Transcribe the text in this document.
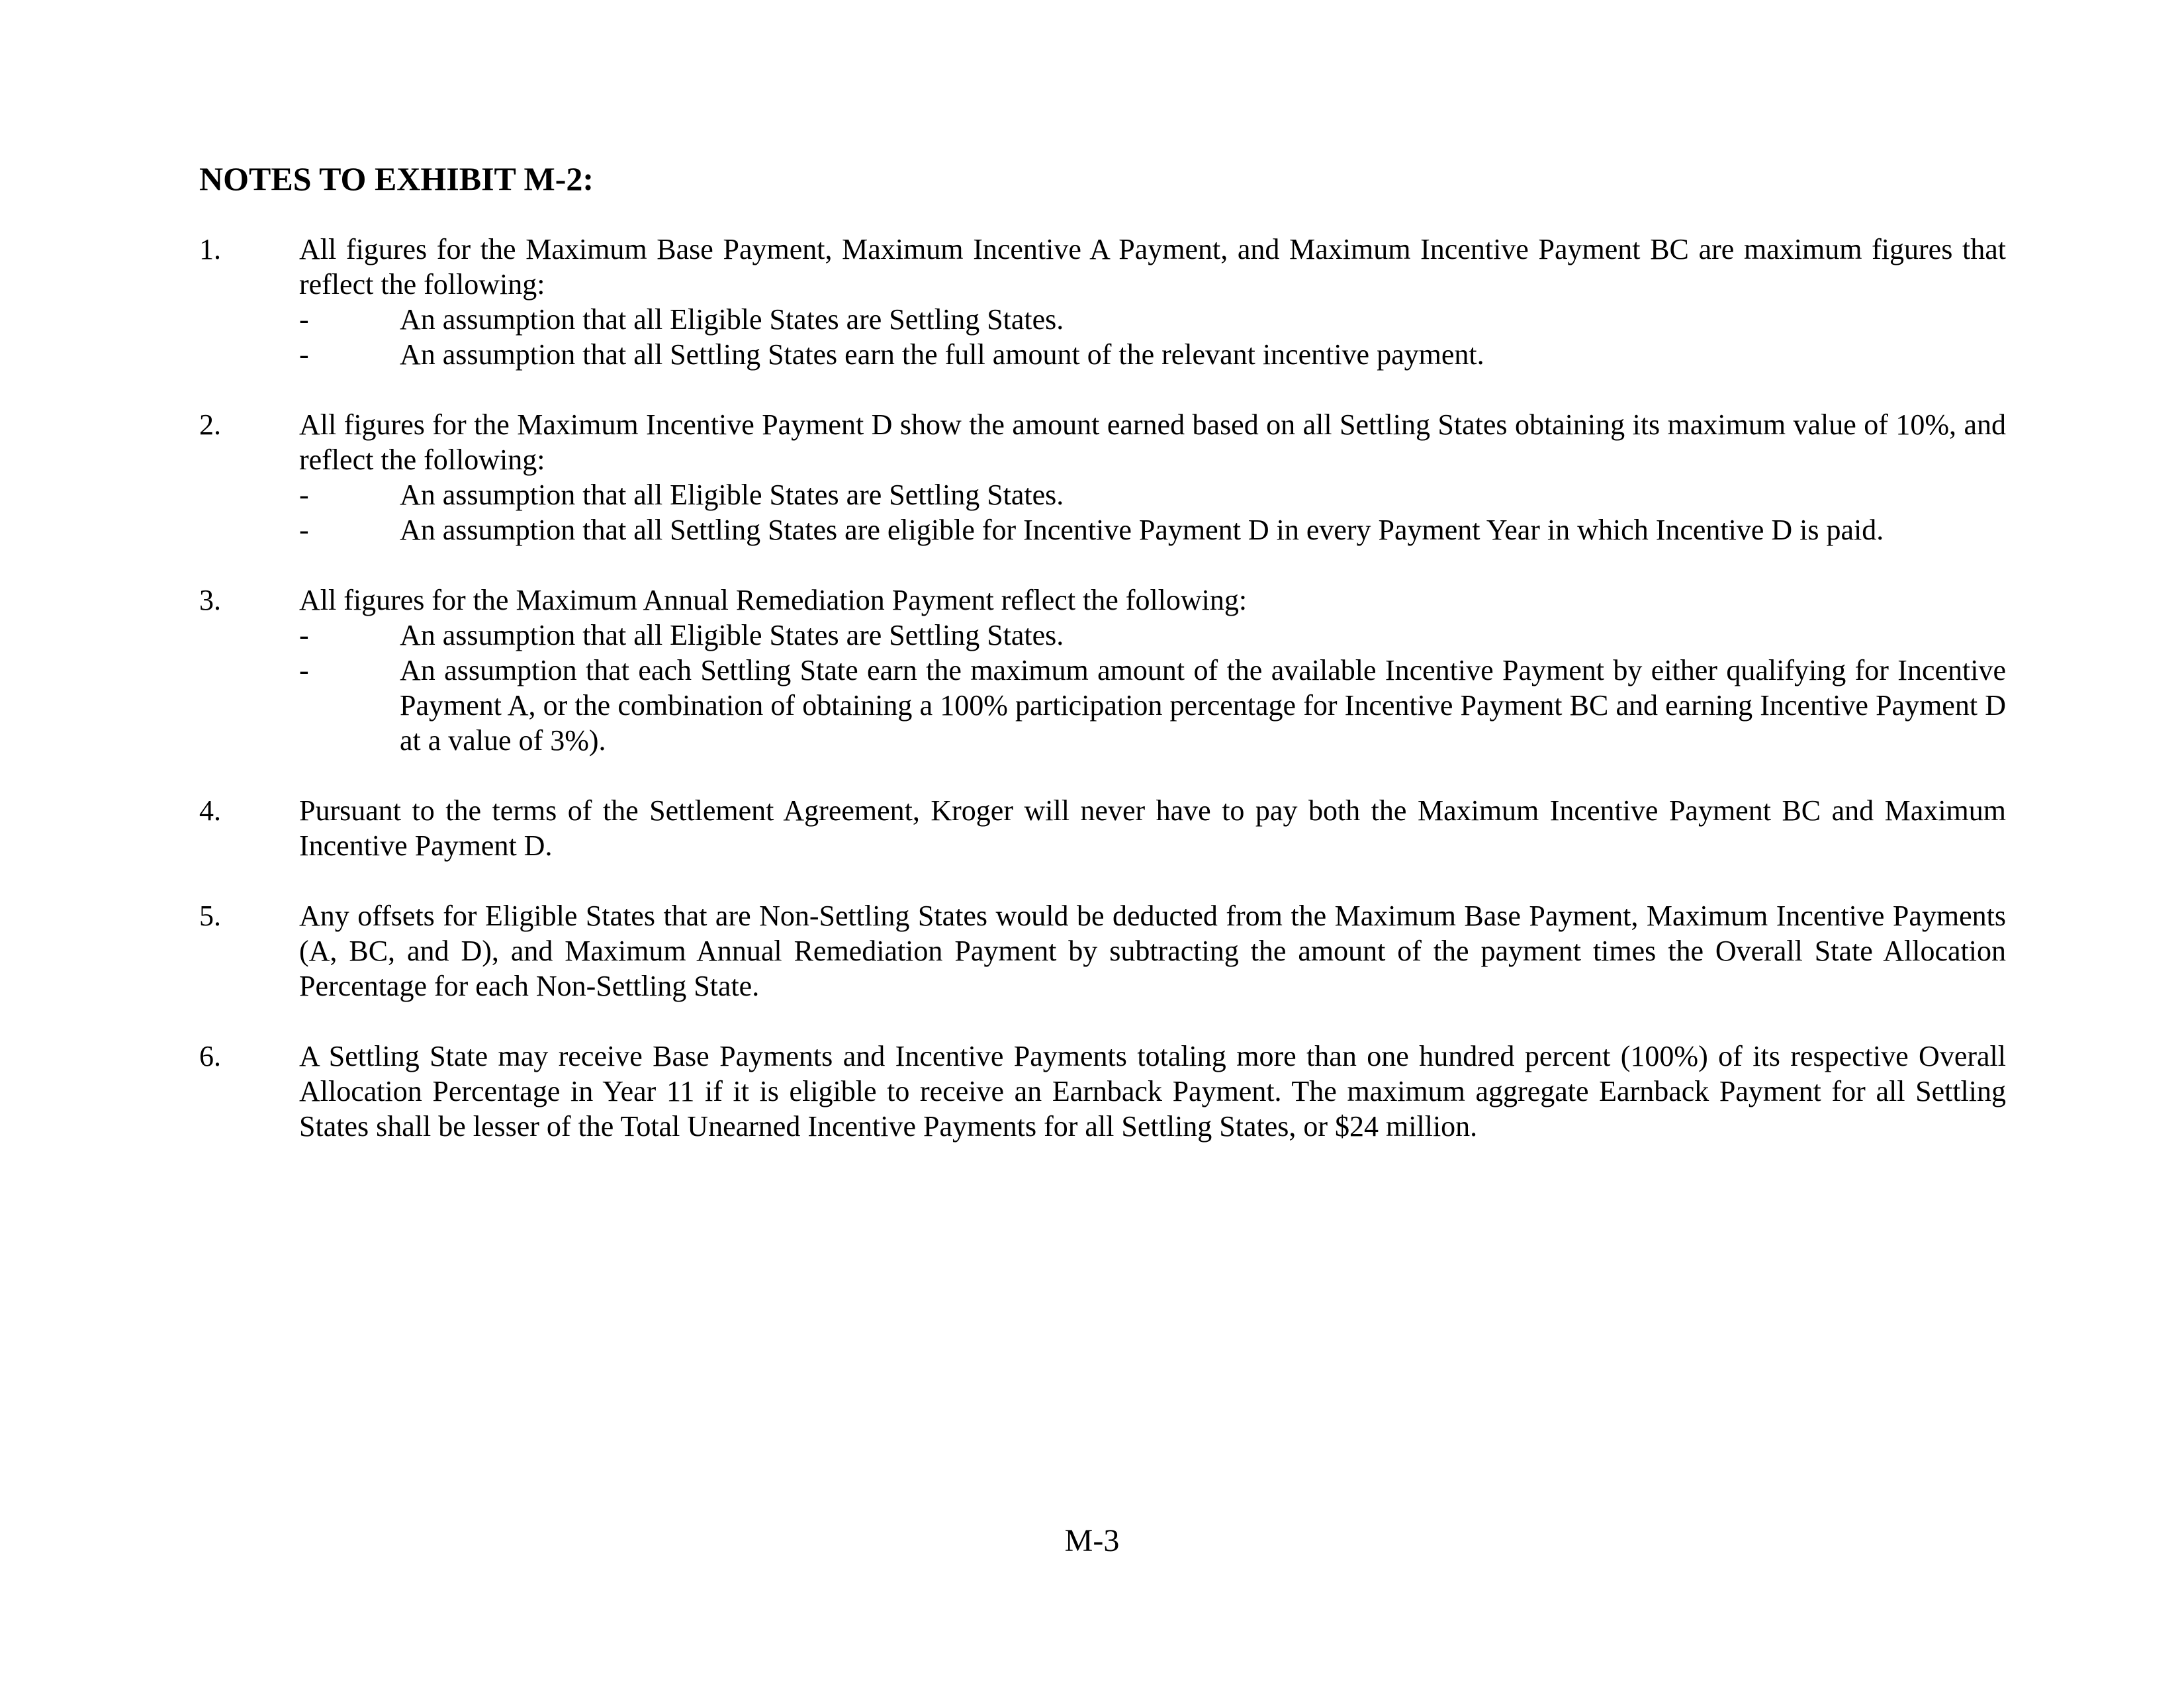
NOTES TO EXHIBIT M-2:
1.	All figures for the Maximum Base Payment, Maximum Incentive A Payment, and Maximum Incentive Payment BC are maximum figures that reflect the following:
-	An assumption that all Eligible States are Settling States.
-	An assumption that all Settling States earn the full amount of the relevant incentive payment.
2.	All figures for the Maximum Incentive Payment D show the amount earned based on all Settling States obtaining its maximum value of 10%, and reflect the following:
-	An assumption that all Eligible States are Settling States.
-	An assumption that all Settling States are eligible for Incentive Payment D in every Payment Year in which Incentive D is paid.
3.	All figures for the Maximum Annual Remediation Payment reflect the following:
-	An assumption that all Eligible States are Settling States.
-	An assumption that each Settling State earn the maximum amount of the available Incentive Payment by either qualifying for Incentive Payment A, or the combination of obtaining a 100% participation percentage for Incentive Payment BC and earning Incentive Payment D at a value of 3%).
4.	Pursuant to the terms of the Settlement Agreement, Kroger will never have to pay both the Maximum Incentive Payment BC and Maximum Incentive Payment D.
5.	Any offsets for Eligible States that are Non-Settling States would be deducted from the Maximum Base Payment, Maximum Incentive Payments (A, BC, and D), and Maximum Annual Remediation Payment by subtracting the amount of the payment times the Overall State Allocation Percentage for each Non-Settling State.
6.	A Settling State may receive Base Payments and Incentive Payments totaling more than one hundred percent (100%) of its respective Overall Allocation Percentage in Year 11 if it is eligible to receive an Earnback Payment. The maximum aggregate Earnback Payment for all Settling States shall be lesser of the Total Unearned Incentive Payments for all Settling States, or $24 million.
M-3
